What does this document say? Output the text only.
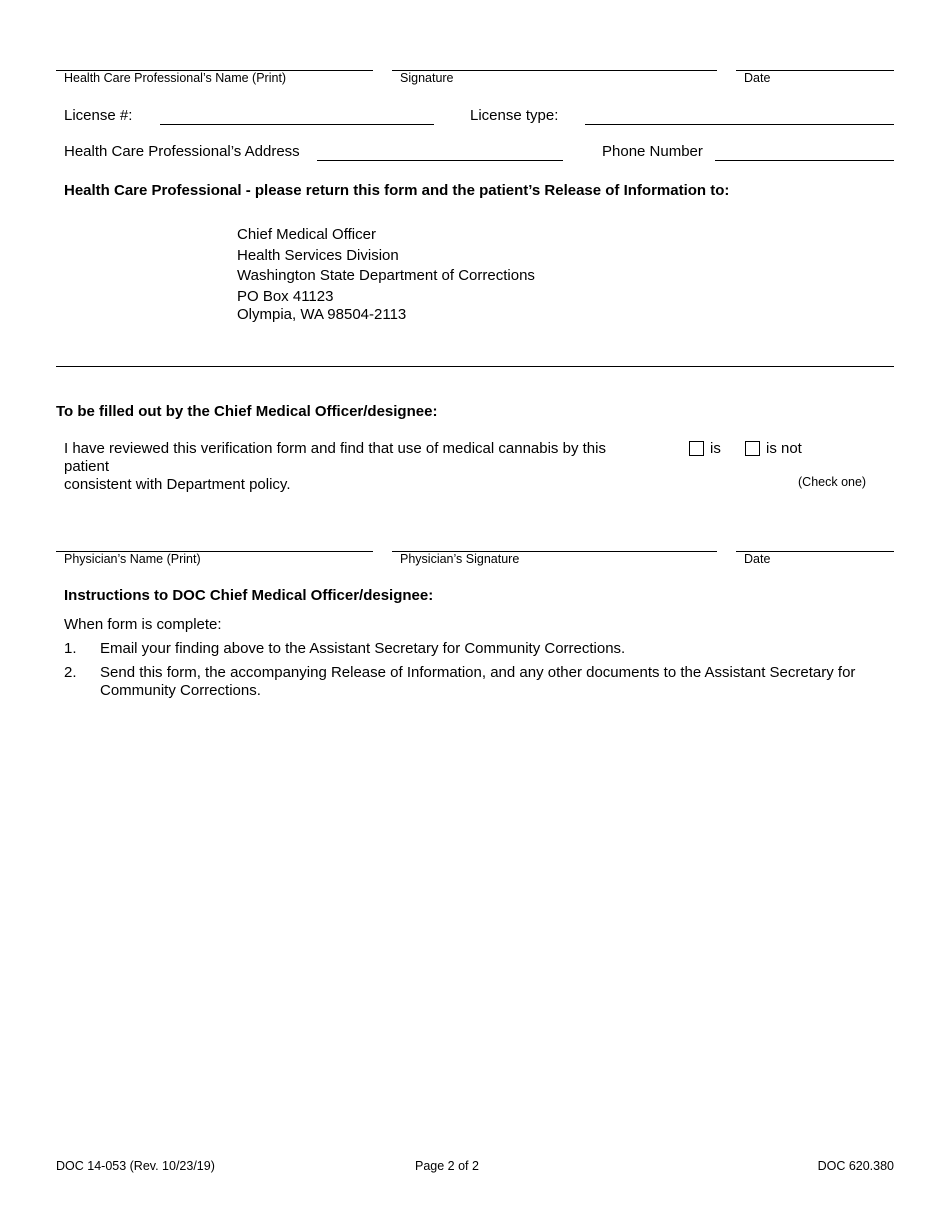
Health Care Professional’s Name (Print)	Signature	Date
License #:	License type:
Health Care Professional’s Address	Phone Number
Health Care Professional - please return this form and the patient’s Release of Information to:
Chief Medical Officer
Health Services Division
Washington State Department of Corrections
PO Box 41123
Olympia, WA 98504-2113
To be filled out by the Chief Medical Officer/designee:
I have reviewed this verification form and find that use of medical cannabis by this
patient
consistent with Department policy.
is	is not
(Check one)
Physician’s Name (Print)	Physician’s Signature	Date
Instructions to DOC Chief Medical Officer/designee:
When form is complete:
1. Email your finding above to the Assistant Secretary for Community Corrections.
2. Send this form, the accompanying Release of Information, and any other documents to the Assistant Secretary for Community Corrections.
DOC 14-053 (Rev. 10/23/19)	Page 2 of 2	DOC 620.380
